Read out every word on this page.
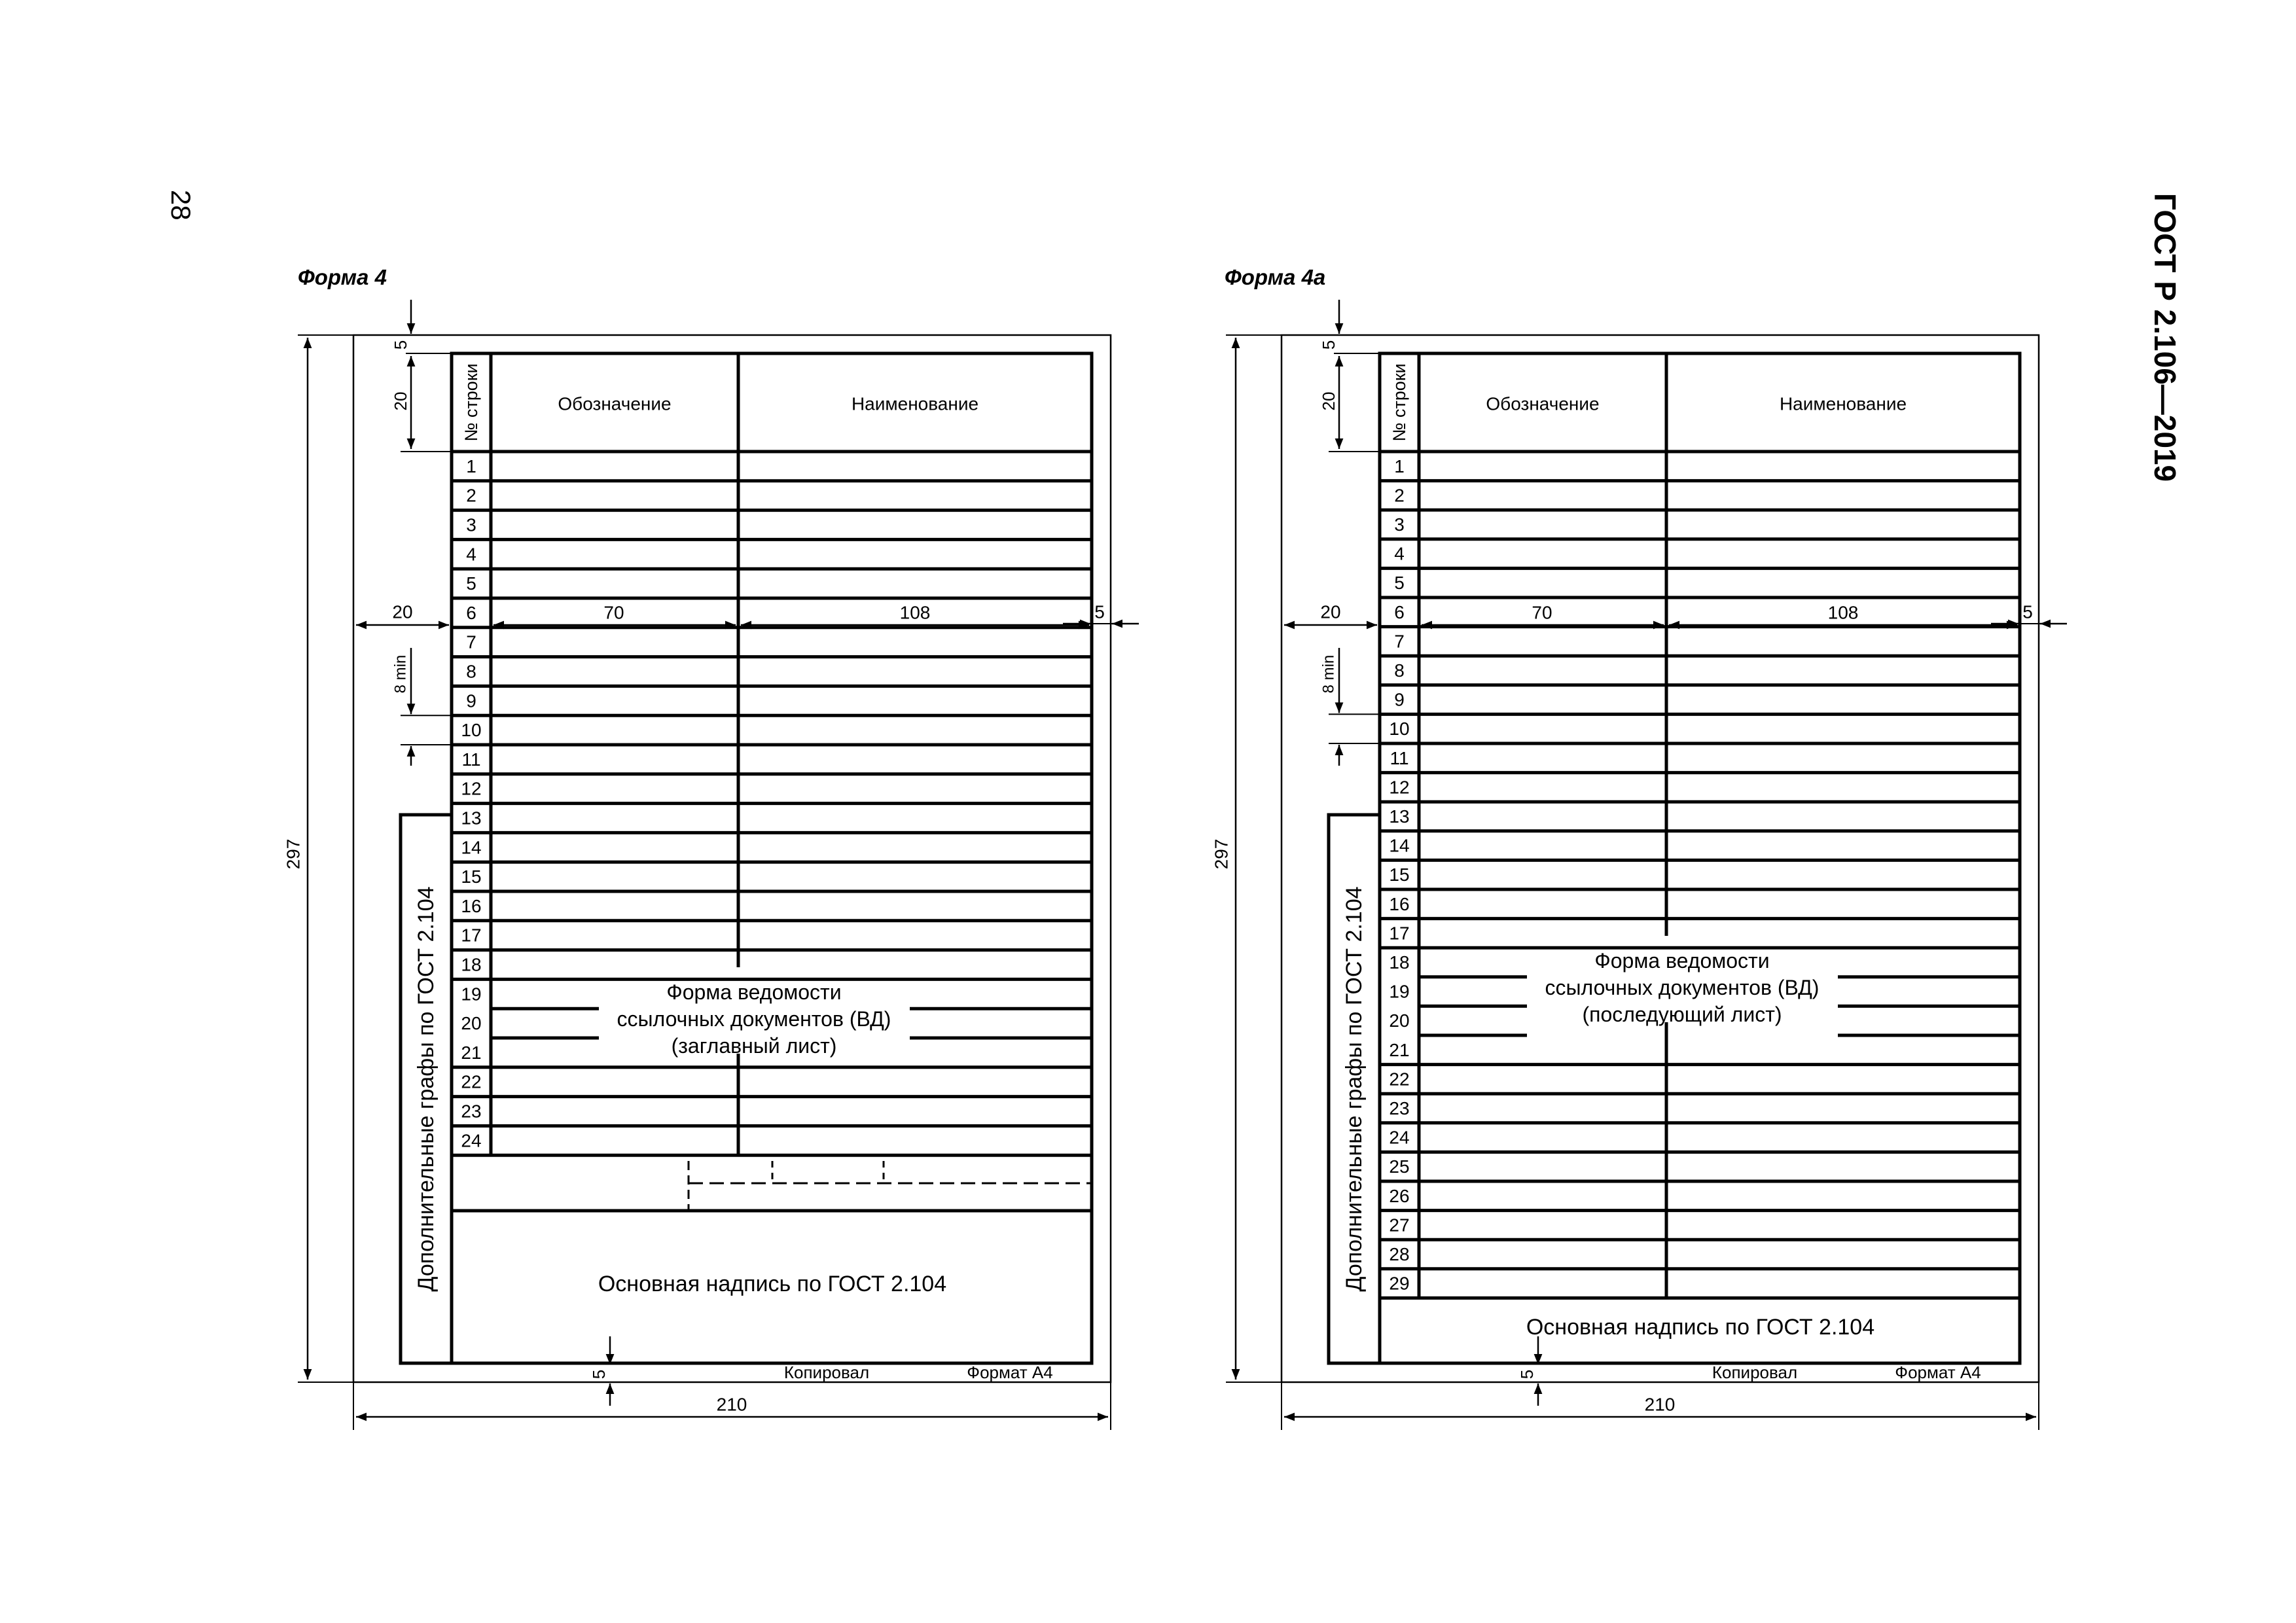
28	ГОСТ Р 2.106—2019
Форма 4	Форма 4а
Дополнительные графы по ГОСТ 2.104
№ строки	Обозначение	Наименование
1
2
3
4
5
6
7
8
9
10
11
12
13
14
15
16
17
18
19
20
21
22
23
24
Форма ведомости
ссылочных документов (ВД)
(заглавный лист)
Основная надпись по ГОСТ 2.104
Копировал	Формат А4
297
210
20	5
70	108
5
20
8 min
5
Дополнительные графы по ГОСТ 2.104
№ строки	Обозначение	Наименование
1
2
3
4
5
6
7
8
9
10
11
12
13
14
15
16
17
18
19
20
21
22
23
24
25
26
27
28
29
Форма ведомости
ссылочных документов (ВД)
(последующий лист)
Основная надпись по ГОСТ 2.104
Копировал	Формат А4
297
210
20	5
70	108
5
20
8 min
5
